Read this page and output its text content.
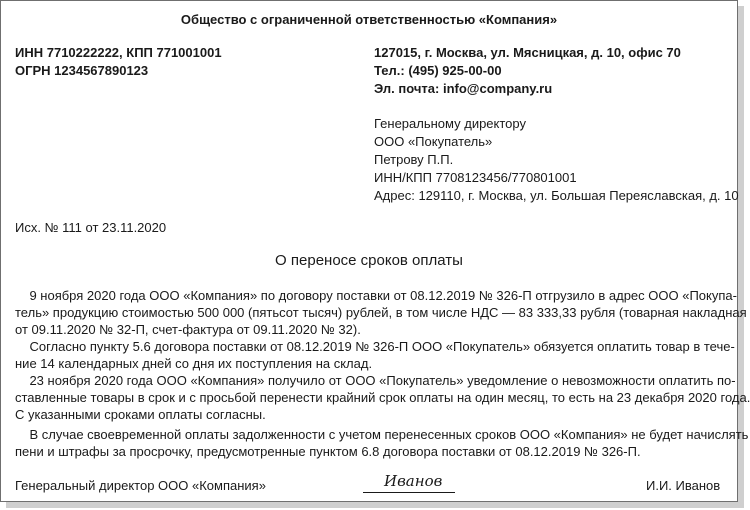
Общество с ограниченной ответственностью «Компания»
ИНН 7710222222, КПП 771001001
ОГРН 1234567890123
127015, г. Москва, ул. Мясницкая, д. 10, офис 70
Тел.: (495) 925-00-00
Эл. почта: info@company.ru
Генеральному директору
ООО «Покупатель»
Петрову П.П.
ИНН/КПП 7708123456/770801001
Адрес: 129110, г. Москва, ул. Большая Переяславская, д. 10
Исх. № 111 от 23.11.2020
О переносе сроков оплаты
9 ноября 2020 года ООО «Компания» по договору поставки от 08.12.2019 № 326-П отгрузило в адрес ООО «Покупа-
тель» продукцию стоимостью 500 000 (пятьсот тысяч) рублей, в том числе НДС — 83 333,33 рубля (товарная накладная
от 09.11.2020 № 32-П, счет-фактура от 09.11.2020 № 32).
Согласно пункту 5.6 договора поставки от 08.12.2019 № 326-П ООО «Покупатель» обязуется оплатить товар в тече-
ние 14 календарных дней со дня их поступления на склад.
23 ноября 2020 года ООО «Компания» получило от ООО «Покупатель» уведомление о невозможности оплатить по-
ставленные товары в срок и с просьбой перенести крайний срок оплаты на один месяц, то есть на 23 декабря 2020 года.
С указанными сроками оплаты согласны.
В случае своевременной оплаты задолженности с учетом перенесенных сроков ООО «Компания» не будет начислять
пени и штрафы за просрочку, предусмотренные пунктом 6.8 договора поставки от 08.12.2019 № 326-П.
Генеральный директор ООО «Компания»	Иванов	И.И. Иванов
